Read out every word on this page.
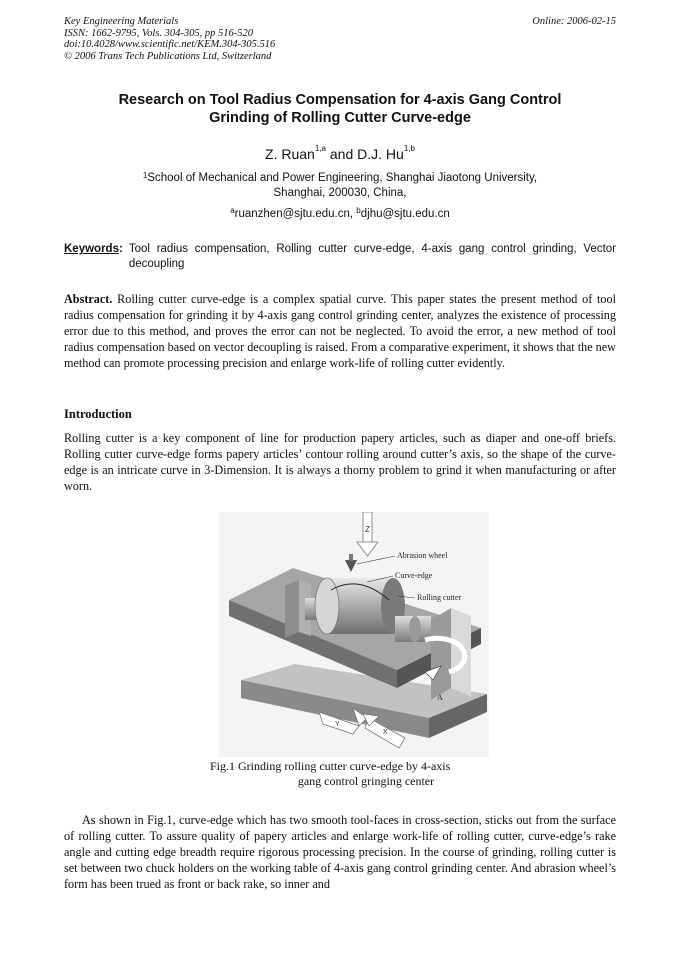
Key Engineering Materials
ISSN: 1662-9795, Vols. 304-305, pp 516-520
doi:10.4028/www.scientific.net/KEM.304-305.516
© 2006 Trans Tech Publications Ltd, Switzerland
Online: 2006-02-15
Research on Tool Radius Compensation for 4-axis Gang Control
Grinding of Rolling Cutter Curve-edge
Z. Ruan$^{1,a}$ and D.J. Hu$^{1,b}$
$^1$School of Mechanical and Power Engineering, Shanghai Jiaotong University,
Shanghai, 200030, China,
$^a$ruanzhen@sjtu.edu.cn, $^b$djhu@sjtu.edu.cn
Keywords : Tool radius compensation, Rolling cutter curve-edge, 4-axis gang control grinding, Vector decoupling
Abstract. Rolling cutter curve-edge is a complex spatial curve. This paper states the present method of tool radius compensation for grinding it by 4-axis gang control grinding center, analyzes the existence of processing error due to this method, and proves the error can not be neglected. To avoid the error, a new method of tool radius compensation based on vector decoupling is raised. From a comparative experiment, it shows that the new method can promote processing precision and enlarge work-life of rolling cutter evidently.
Introduction
Rolling cutter is a key component of line for production papery articles, such as diaper and one-off briefs. Rolling cutter curve-edge forms papery articles’ contour rolling around cutter’s axis, so the shape of the curve-edge is an intricate curve in 3-Dimension. It is always a thorny problem to grind it when manufacturing or after worn.
Z
Abrasion wheel
Curve-edge
Rolling cutter
A
Y
X
Fig.1 Grinding rolling cutter curve-edge by 4-axis
gang control gringing center
As shown in Fig.1, curve-edge which has two smooth tool-faces in cross-section, sticks out from the surface of rolling cutter. To assure quality of papery articles and enlarge work-life of rolling cutter, curve-edge’s rake angle and cutting edge breadth require rigorous processing precision. In the course of grinding, rolling cutter is set between two chuck holders on the working table of 4-axis gang control grinding center. And abrasion wheel’s form has been trued as front or back rake, so inner and
